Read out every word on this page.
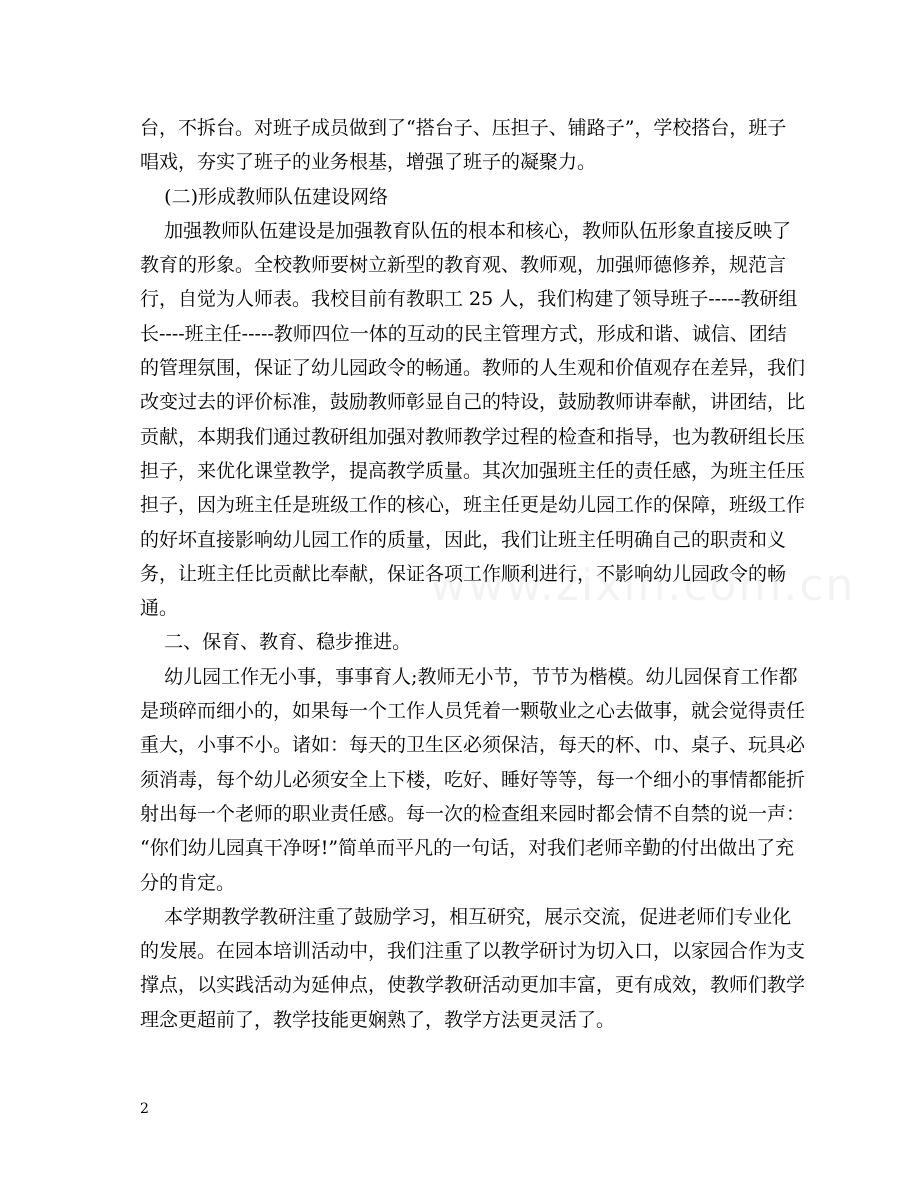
台，不拆台。对班子成员做到了“搭台子、压担子、铺路子”，学校搭台，班子
唱戏，夯实了班子的业务根基，增强了班子的凝聚力。
(二)形成教师队伍建设网络
加强教师队伍建设是加强教育队伍的根本和核心，教师队伍形象直接反映了
教育的形象。全校教师要树立新型的教育观、教师观，加强师德修养，规范言
行，自觉为人师表。我校目前有教职工 25 人，我们构建了领导班子-----教研组
长----班主任-----教师四位一体的互动的民主管理方式，形成和谐、诚信、团结
的管理氛围，保证了幼儿园政令的畅通。教师的人生观和价值观存在差异，我们
改变过去的评价标准，鼓励教师彰显自己的特设，鼓励教师讲奉献，讲团结，比
贡献，本期我们通过教研组加强对教师教学过程的检查和指导，也为教研组长压
担子，来优化课堂教学，提高教学质量。其次加强班主任的责任感，为班主任压
担子，因为班主任是班级工作的核心，班主任更是幼儿园工作的保障，班级工作
的好坏直接影响幼儿园工作的质量，因此，我们让班主任明确自己的职责和义
务，让班主任比贡献比奉献，保证各项工作顺利进行，不影响幼儿园政令的畅
通。
二、保育、教育、稳步推进。
幼儿园工作无小事，事事育人;教师无小节，节节为楷模。幼儿园保育工作都
是琐碎而细小的，如果每一个工作人员凭着一颗敬业之心去做事，就会觉得责任
重大，小事不小。诸如：每天的卫生区必须保洁，每天的杯、巾、桌子、玩具必
须消毒，每个幼儿必须安全上下楼，吃好、睡好等等，每一个细小的事情都能折
射出每一个老师的职业责任感。每一次的检查组来园时都会情不自禁的说一声：
“你们幼儿园真干净呀!”简单而平凡的一句话，对我们老师辛勤的付出做出了充
分的肯定。
本学期教学教研注重了鼓励学习，相互研究，展示交流，促进老师们专业化
的发展。在园本培训活动中，我们注重了以教学研讨为切入口，以家园合作为支
撑点，以实践活动为延伸点，使教学教研活动更加丰富，更有成效，教师们教学
理念更超前了，教学技能更娴熟了，教学方法更灵活了。
2
